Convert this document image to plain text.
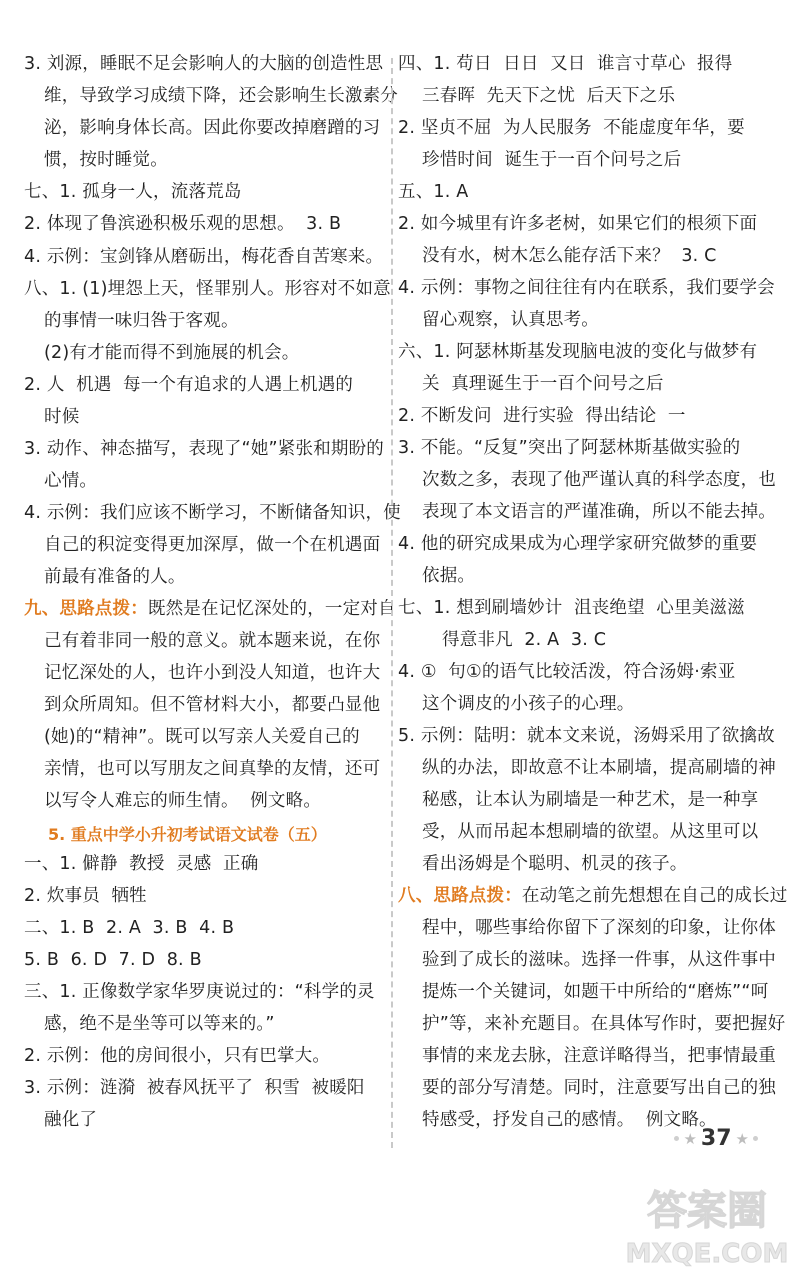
3. 刘源，睡眠不足会影响人的大脑的创造性思
维，导致学习成绩下降，还会影响生长激素分
泌，影响身体长高。因此你要改掉磨蹭的习
惯，按时睡觉。
七、1. 孤身一人，流落荒岛
2. 体现了鲁滨逊积极乐观的思想。  3. B
4. 示例：宝剑锋从磨砺出，梅花香自苦寒来。
八、1. (1)埋怨上天，怪罪别人。形容对不如意
的事情一味归咎于客观。
(2)有才能而得不到施展的机会。
2. 人  机遇  每一个有追求的人遇上机遇的
时候
3. 动作、神态描写，表现了“她”紧张和期盼的
心情。
4. 示例：我们应该不断学习，不断储备知识，使
自己的积淀变得更加深厚，做一个在机遇面
前最有准备的人。
九、思路点拨：既然是在记忆深处的，一定对自
己有着非同一般的意义。就本题来说，在你
记忆深处的人，也许小到没人知道，也许大
到众所周知。但不管材料大小，都要凸显他
(她)的“精神”。既可以写亲人关爱自己的
亲情，也可以写朋友之间真挚的友情，还可
以写令人难忘的师生情。  例文略。
一、1. 僻静  教授  灵感  正确
2. 炊事员  牺牲
二、1. B  2. A  3. B  4. B
5. B  6. D  7. D  8. B
三、1. 正像数学家华罗庚说过的：“科学的灵
感，绝不是坐等可以等来的。”
2. 示例：他的房间很小，只有巴掌大。
3. 示例：涟漪  被春风抚平了  积雪  被暖阳
融化了
5. 重点中学小升初考试语文试卷（五）
四、1. 苟日  日日  又日  谁言寸草心  报得
三春晖  先天下之忧  后天下之乐
2. 坚贞不屈  为人民服务  不能虚度年华，要
珍惜时间  诞生于一百个问号之后
五、1. A
2. 如今城里有许多老树，如果它们的根须下面
没有水，树木怎么能存活下来？  3. C
4. 示例：事物之间往往有内在联系，我们要学会
留心观察，认真思考。
六、1. 阿瑟林斯基发现脑电波的变化与做梦有
关  真理诞生于一百个问号之后
2. 不断发问  进行实验  得出结论  一
3. 不能。“反复”突出了阿瑟林斯基做实验的
次数之多，表现了他严谨认真的科学态度，也
表现了本文语言的严谨准确，所以不能去掉。
4. 他的研究成果成为心理学家研究做梦的重要
依据。
七、1. 想到刷墙妙计  沮丧绝望  心里美滋滋
得意非凡  2. A  3. C
4. ①  句①的语气比较活泼，符合汤姆·索亚
这个调皮的小孩子的心理。
5. 示例：陆明：就本文来说，汤姆采用了欲擒故
纵的办法，即故意不让本刷墙，提高刷墙的神
秘感，让本认为刷墙是一种艺术，是一种享
受，从而吊起本想刷墙的欲望。从这里可以
看出汤姆是个聪明、机灵的孩子。
八、思路点拨：在动笔之前先想想在自己的成长过
程中，哪些事给你留下了深刻的印象，让你体
验到了成长的滋味。选择一件事，从这件事中
提炼一个关键词，如题干中所给的“磨炼”“呵
护”等，来补充题目。在具体写作时，要把握好
事情的来龙去脉，注意详略得当，把事情最重
要的部分写清楚。同时，注意要写出自己的独
特感受，抒发自己的感情。  例文略。
★ 37 ★
答案圈
MXQE.COM
